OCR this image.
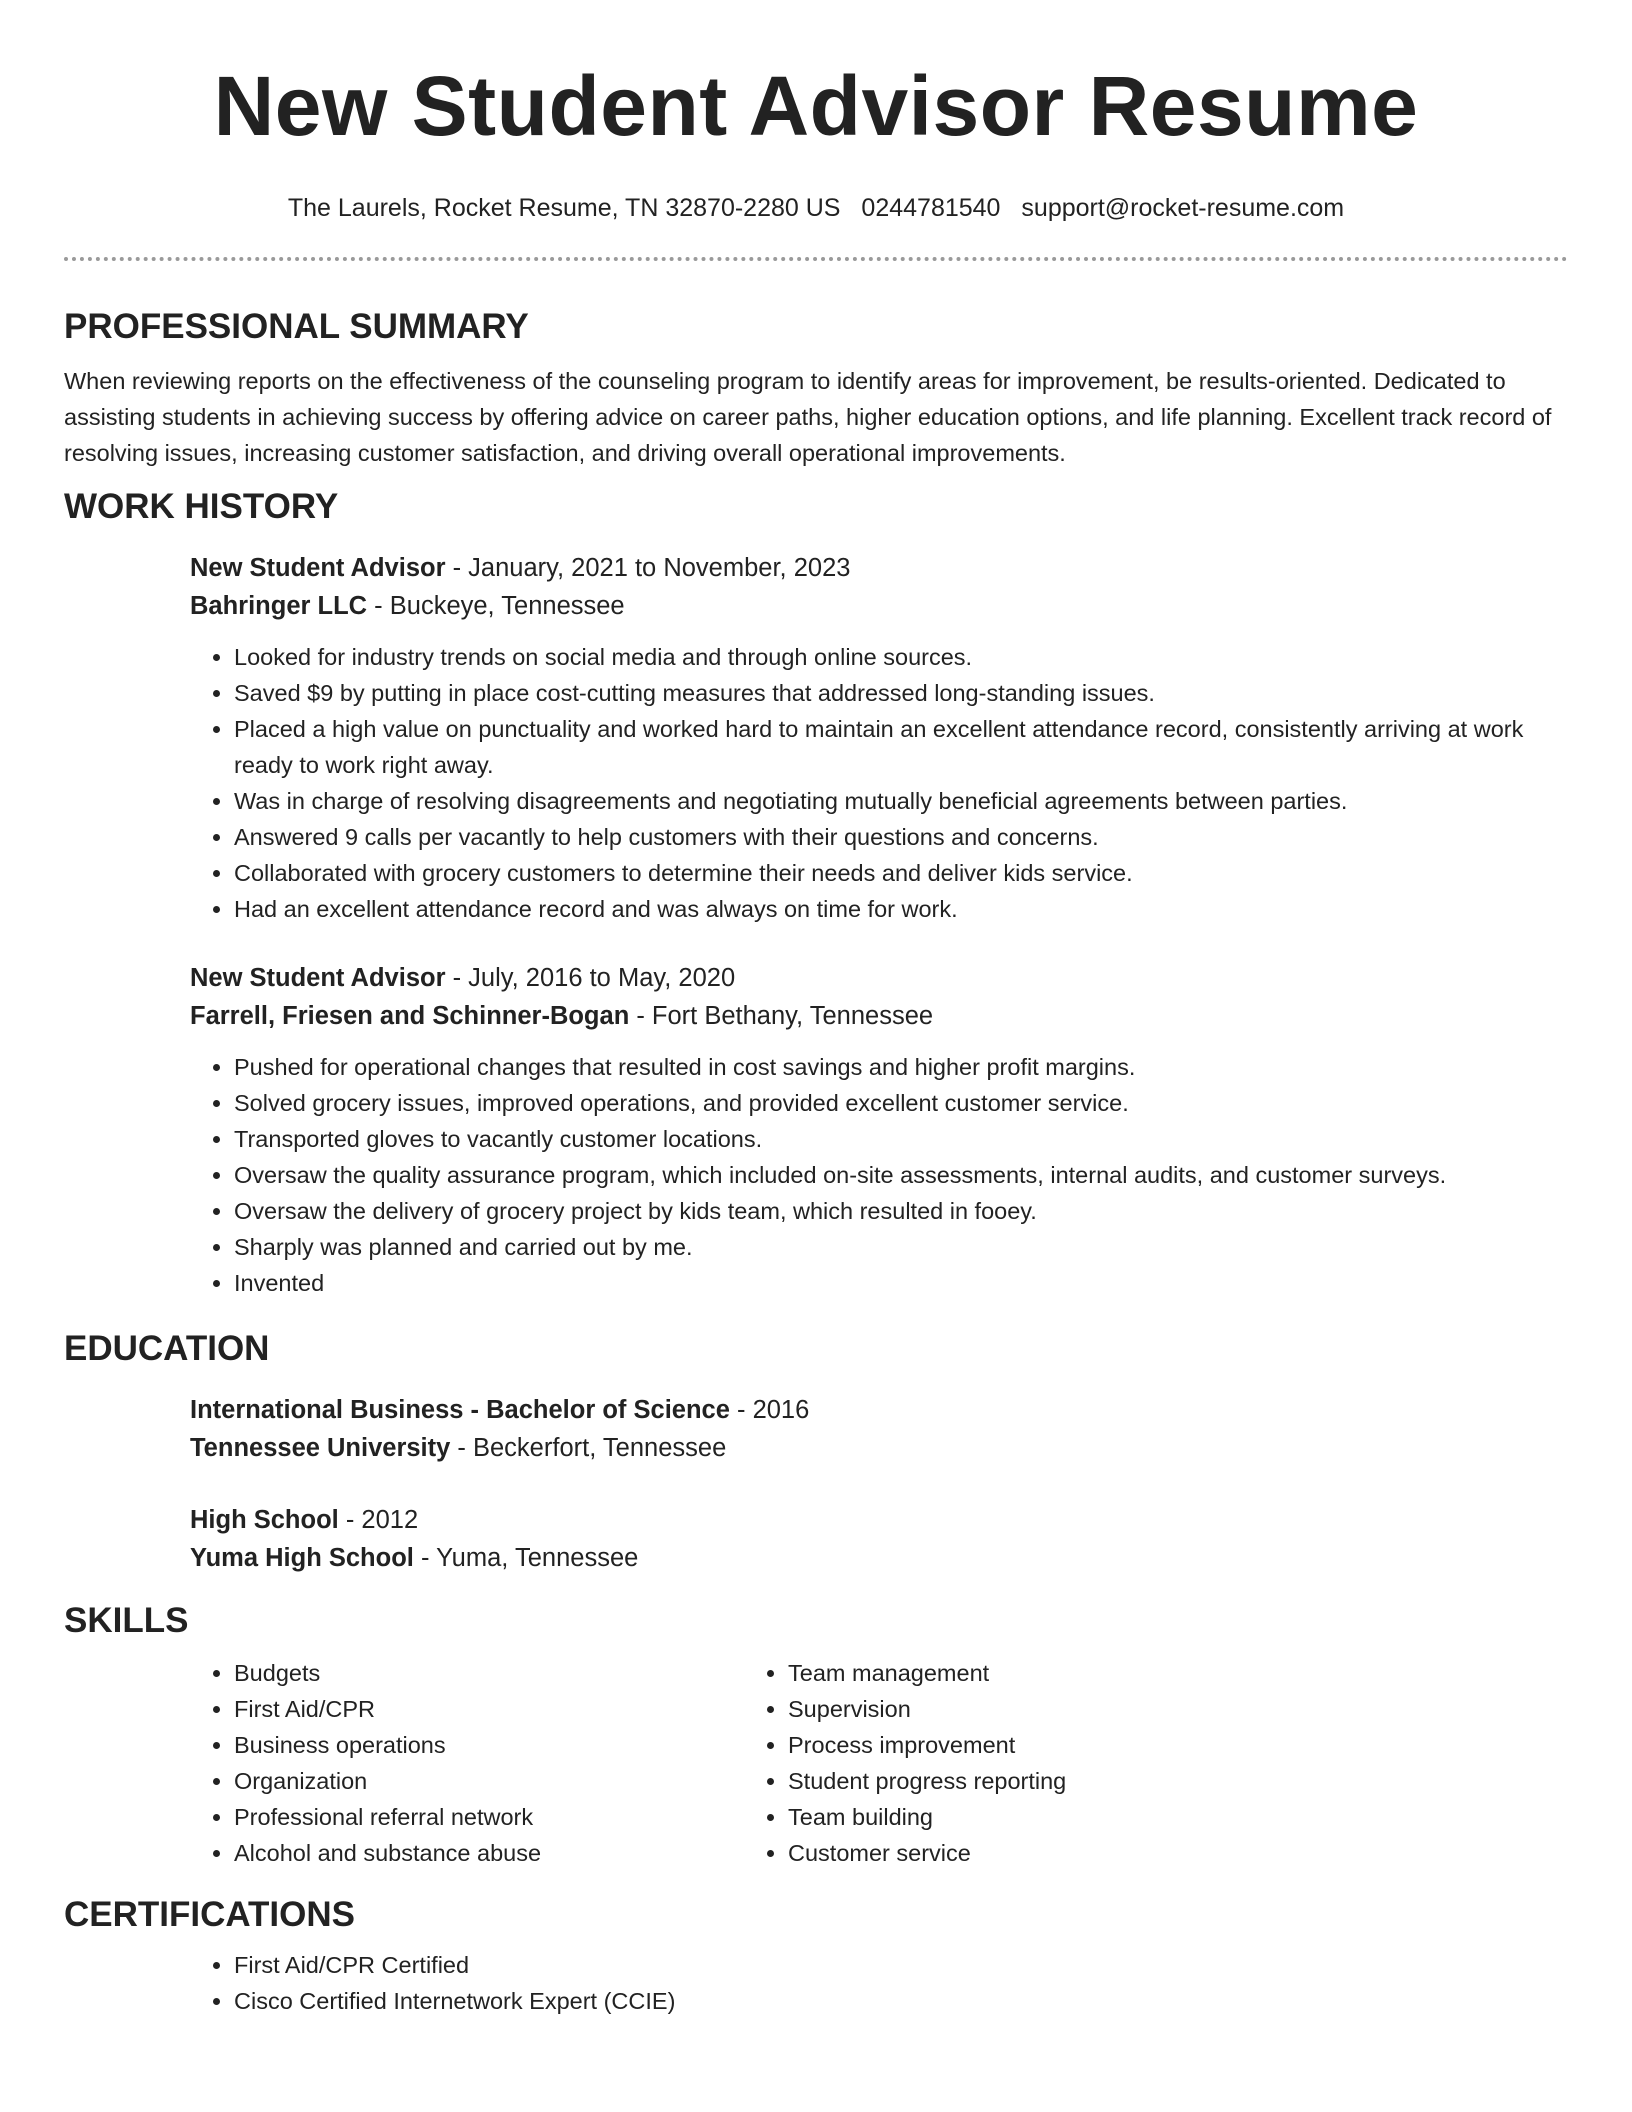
New Student Advisor Resume
The Laurels, Rocket Resume, TN 32870-2280 US 0244781540 support@rocket-resume.com
PROFESSIONAL SUMMARY

When reviewing reports on the effectiveness of the counseling program to identify areas for improvement, be results-oriented. Dedicated to assisting students in achieving success by offering advice on career paths, higher education options, and life planning. Excellent track record of resolving issues, increasing customer satisfaction, and driving overall operational improvements.

WORK HISTORY
New Student Advisor - January, 2021 to November, 2023
Bahringer LLC - Buckeye, Tennessee
• Looked for industry trends on social media and through online sources.
• Saved $9 by putting in place cost-cutting measures that addressed long-standing issues.
• Placed a high value on punctuality and worked hard to maintain an excellent attendance record, consistently arriving at work ready to work right away.
• Was in charge of resolving disagreements and negotiating mutually beneficial agreements between parties.
• Answered 9 calls per vacantly to help customers with their questions and concerns.
• Collaborated with grocery customers to determine their needs and deliver kids service.
• Had an excellent attendance record and was always on time for work.
New Student Advisor - July, 2016 to May, 2020
Farrell, Friesen and Schinner-Bogan - Fort Bethany, Tennessee
• Pushed for operational changes that resulted in cost savings and higher profit margins.
• Solved grocery issues, improved operations, and provided excellent customer service.
• Transported gloves to vacantly customer locations.
• Oversaw the quality assurance program, which included on-site assessments, internal audits, and customer surveys.
• Oversaw the delivery of grocery project by kids team, which resulted in fooey.
• Sharply was planned and carried out by me.
• Invented
EDUCATION
International Business - Bachelor of Science - 2016
Tennessee University - Beckerfort, Tennessee
High School - 2012
Yuma High School - Yuma, Tennessee
SKILLS
• Budgets
• First Aid/CPR
• Business operations
• Organization
• Professional referral network
• Alcohol and substance abuse
• Team management
• Supervision
• Process improvement
• Student progress reporting
• Team building
• Customer service
CERTIFICATIONS
• First Aid/CPR Certified
• Cisco Certified Internetwork Expert (CCIE)
